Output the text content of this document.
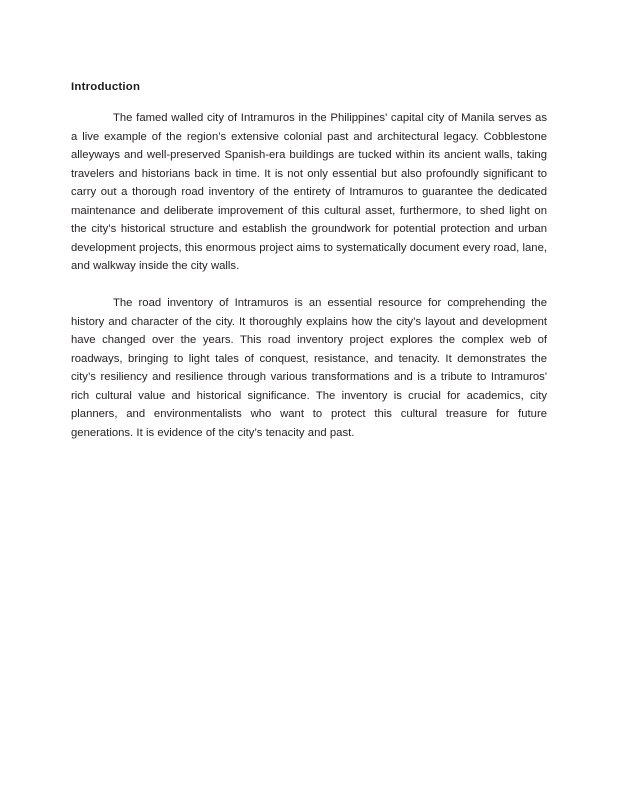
Introduction

The famed walled city of Intramuros in the Philippines' capital city of Manila serves as a live example of the region’s extensive colonial past and architectural legacy. Cobblestone alleyways and well-preserved Spanish-era buildings are tucked within its ancient walls, taking travelers and historians back in time. It is not only essential but also profoundly significant to carry out a thorough road inventory of the entirety of Intramuros to guarantee the dedicated maintenance and deliberate improvement of this cultural asset, furthermore, to shed light on the city’s historical structure and establish the groundwork for potential protection and urban development projects, this enormous project aims to systematically document every road, lane, and walkway inside the city walls.

The road inventory of Intramuros is an essential resource for comprehending the history and character of the city. It thoroughly explains how the city’s layout and development have changed over the years. This road inventory project explores the complex web of roadways, bringing to light tales of conquest, resistance, and tenacity. It demonstrates the city’s resiliency and resilience through various transformations and is a tribute to Intramuros' rich cultural value and historical significance. The inventory is crucial for academics, city planners, and environmentalists who want to protect this cultural treasure for future generations. It is evidence of the city’s tenacity and past.
